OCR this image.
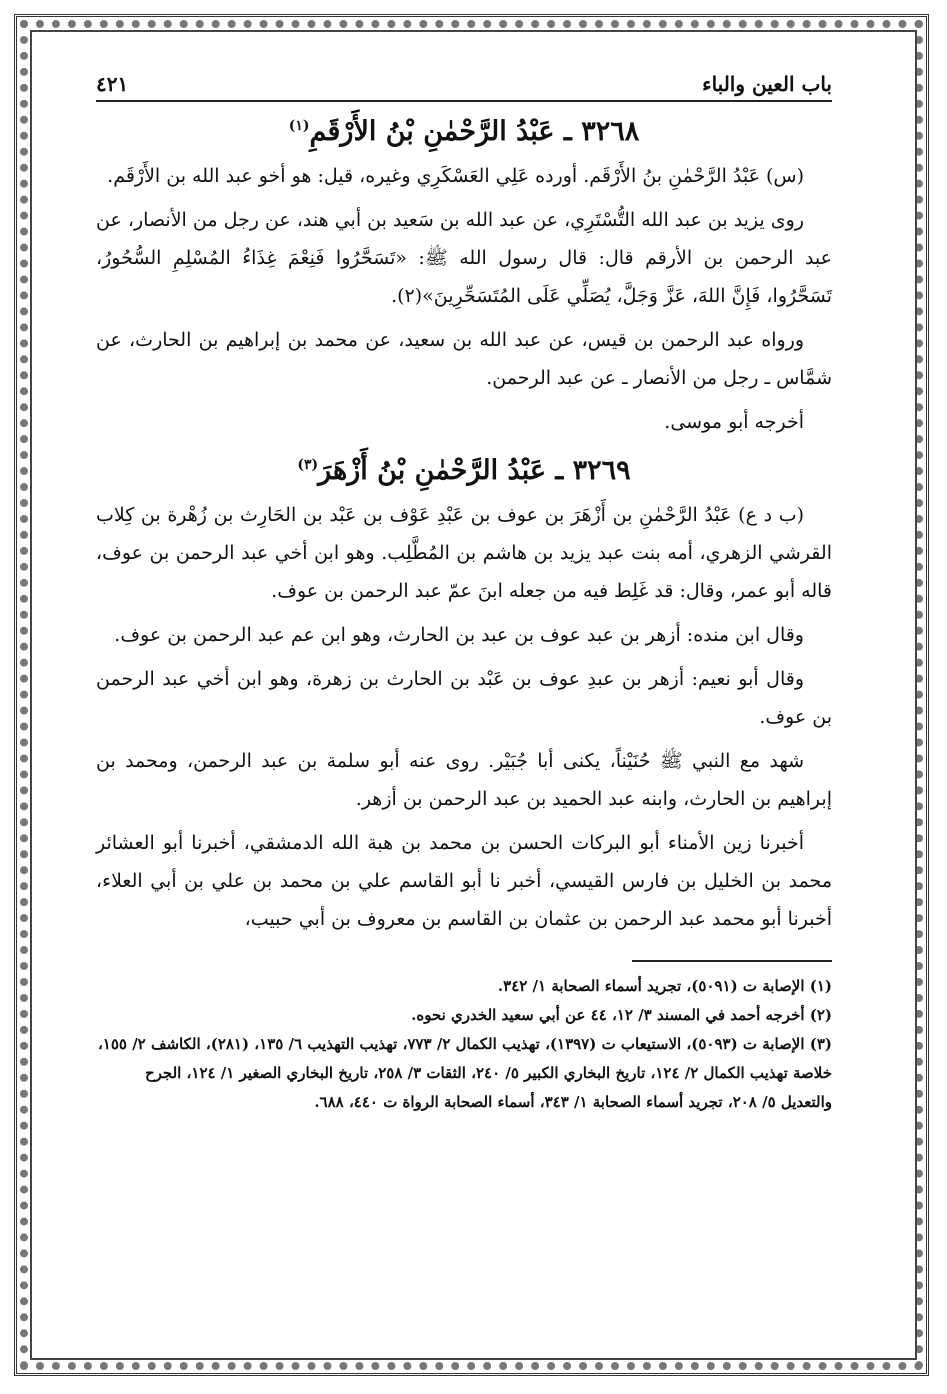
باب العين والباء
٤٢١
٣٢٦٨ ـ عَبْدُ الرَّحْمٰنِ بْنُ الأَرْقَمِ$^{(١)}$

(س) عَبْدُ الرَّحْمٰنِ بنُ الأَرْقَم. أورده عَلِي العَسْكَرِي وغيره، قيل: هو أخو عبد الله بن الأَرْقَم.

روى يزيد بن عبد الله التُّسْتَرِي، عن عبد الله بن سَعيد بن أبي هند، عن رجل من الأنصار، عن عبد الرحمن بن الأرقم قال: قال رسول الله ﷺ: «تَسَحَّرُوا فَنِعْمَ غِذَاءُ المُسْلِمِ السُّحُورُ، تَسَحَّرُوا، فَإِنَّ اللهَ، عَزَّ وَجَلَّ، يُصَلِّي عَلَى المُتَسَحِّرِينَ»(٢).

ورواه عبد الرحمن بن قيس، عن عبد الله بن سعيد، عن محمد بن إبراهيم بن الحارث، عن شمَّاس ـ رجل من الأنصار ـ عن عبد الرحمن.

أخرجه أبو موسى.

٣٢٦٩ ـ عَبْدُ الرَّحْمٰنِ بْنُ أَزْهَرَ$^{(٣)}$

(ب د ع) عَبْدُ الرَّحْمٰنِ بن أَزْهَرَ بن عوف بن عَبْدِ عَوْف بن عَبْد بن الحَارِث بن زُهْرة بن كِلاب القرشي الزهري، أمه بنت عبد يزيد بن هاشم بن المُطَّلِب. وهو ابن أخي عبد الرحمن بن عوف، قاله أبو عمر، وقال: قد غَلِط فيه من جعله ابنَ عمّ عبد الرحمن بن عوف.

وقال ابن منده: أزهر بن عبد عوف بن عبد بن الحارث، وهو ابن عم عبد الرحمن بن عوف.

وقال أبو نعيم: أزهر بن عبدِ عوف بن عَبْد بن الحارث بن زهرة، وهو ابن أخي عبد الرحمن بن عوف.

شهد مع النبي ﷺ حُنَيْناً، يكنى أبا جُبَيْر. روى عنه أبو سلمة بن عبد الرحمن، ومحمد بن إبراهيم بن الحارث، وابنه عبد الحميد بن عبد الرحمن بن أزهر.

أخبرنا زين الأمناء أبو البركات الحسن بن محمد بن هبة الله الدمشقي، أخبرنا أبو العشائر محمد بن الخليل بن فارس القيسي، أخبر نا أبو القاسم علي بن محمد بن علي بن أبي العلاء، أخبرنا أبو محمد عبد الرحمن بن عثمان بن القاسم بن معروف بن أبي حبيب،

(١) الإصابة ت (٥٠٩١)، تجريد أسماء الصحابة ١/ ٣٤٢.

(٢) أخرجه أحمد في المسند ٣/ ١٢، ٤٤ عن أبي سعيد الخدري نحوه.

(٣) الإصابة ت (٥٠٩٣)، الاستيعاب ت (١٣٩٧)، تهذيب الكمال ٢/ ٧٧٣، تهذيب التهذيب ٦/ ١٣٥، (٢٨١)، الكاشف ٢/ ١٥٥، خلاصة تهذيب الكمال ٢/ ١٢٤، تاريخ البخاري الكبير ٥/ ٢٤٠، الثقات ٣/ ٢٥٨، تاريخ البخاري الصغير ١/ ١٢٤، الجرح والتعديل ٥/ ٢٠٨، تجريد أسماء الصحابة ١/ ٣٤٣، أسماء الصحابة الرواة ت ٤٤٠، ٦٨٨.
